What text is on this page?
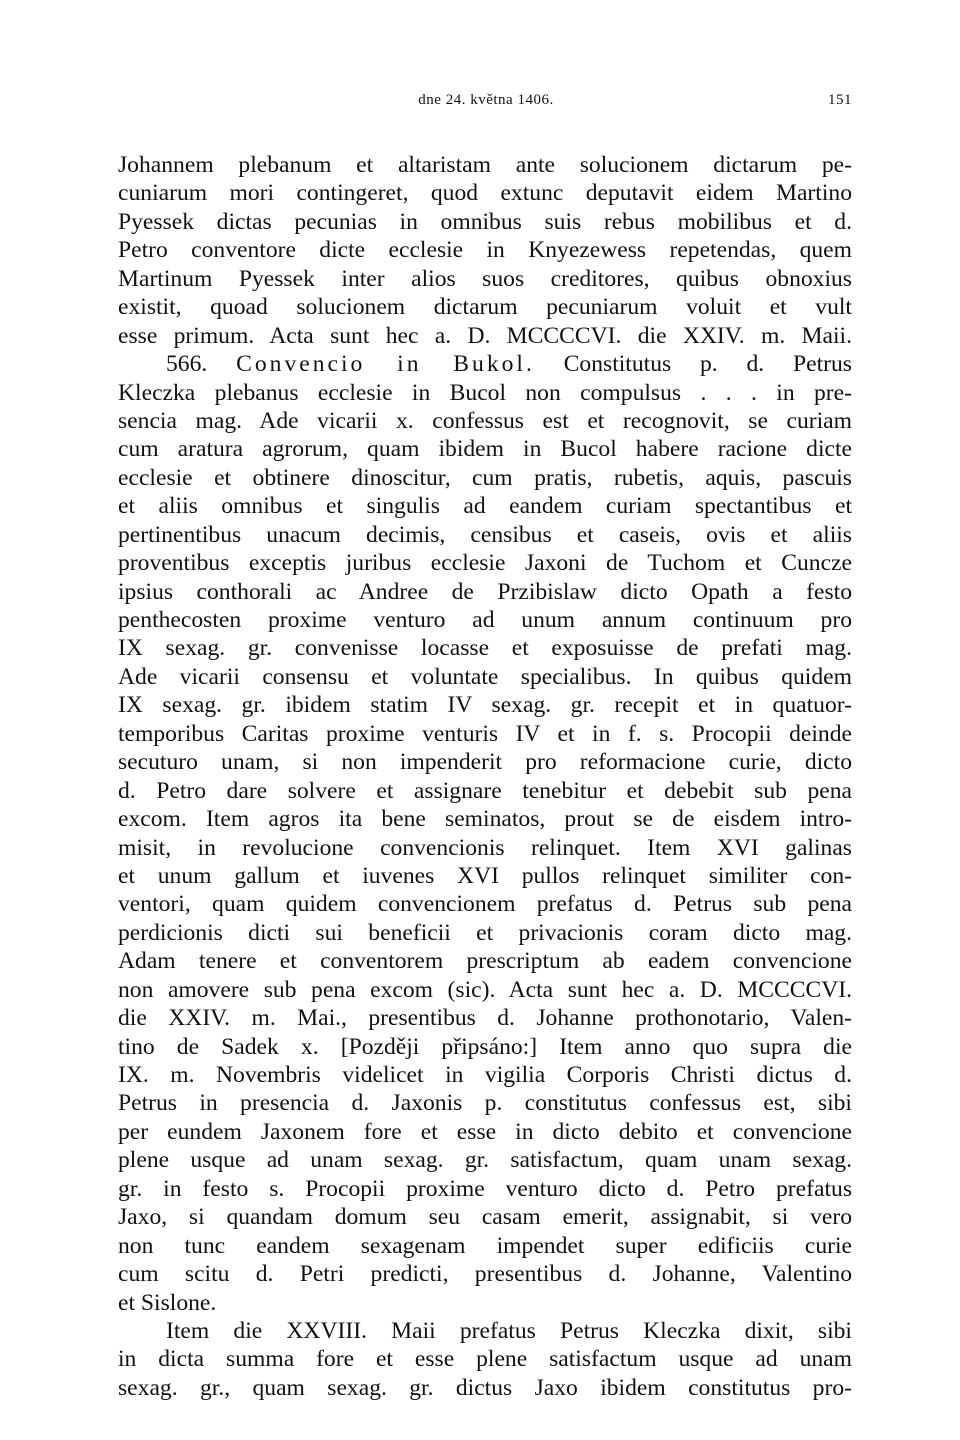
dne 24. května 1406.	151
Johannem plebanum et altaristam ante solucionem dictarum pe-
cuniarum mori contingeret, quod extunc deputavit eidem Martino
Pyessek dictas pecunias in omnibus suis rebus mobilibus et d.
Petro conventore dicte ecclesie in Knyezewess repetendas, quem
Martinum Pyessek inter alios suos creditores, quibus obnoxius
existit, quoad solucionem dictarum pecuniarum voluit et vult
esse primum. Acta sunt hec a. D. MCCCCVI. die XXIV. m. Maii.
566. Convencio in Bukol. Constitutus p. d. Petrus
Kleczka plebanus ecclesie in Bucol non compulsus . . . in pre-
sencia mag. Ade vicarii x. confessus est et recognovit, se curiam
cum aratura agrorum, quam ibidem in Bucol habere racione dicte
ecclesie et obtinere dinoscitur, cum pratis, rubetis, aquis, pascuis
et aliis omnibus et singulis ad eandem curiam spectantibus et
pertinentibus unacum decimis, censibus et caseis, ovis et aliis
proventibus exceptis juribus ecclesie Jaxoni de Tuchom et Cuncze
ipsius conthorali ac Andree de Przibislaw dicto Opath a festo
penthecosten proxime venturo ad unum annum continuum pro
IX sexag. gr. convenisse locasse et exposuisse de prefati mag.
Ade vicarii consensu et voluntate specialibus. In quibus quidem
IX sexag. gr. ibidem statim IV sexag. gr. recepit et in quatuor-
temporibus Caritas proxime venturis IV et in f. s. Procopii deinde
secuturo unam, si non impenderit pro reformacione curie, dicto
d. Petro dare solvere et assignare tenebitur et debebit sub pena
excom. Item agros ita bene seminatos, prout se de eisdem intro-
misit, in revolucione convencionis relinquet. Item XVI galinas
et unum gallum et iuvenes XVI pullos relinquet similiter con-
ventori, quam quidem convencionem prefatus d. Petrus sub pena
perdicionis dicti sui beneficii et privacionis coram dicto mag.
Adam tenere et conventorem prescriptum ab eadem convencione
non amovere sub pena excom (sic). Acta sunt hec a. D. MCCCCVI.
die XXIV. m. Mai., presentibus d. Johanne prothonotario, Valen-
tino de Sadek x. [Později připsáno:] Item anno quo supra die
IX. m. Novembris videlicet in vigilia Corporis Christi dictus d.
Petrus in presencia d. Jaxonis p. constitutus confessus est, sibi
per eundem Jaxonem fore et esse in dicto debito et convencione
plene usque ad unam sexag. gr. satisfactum, quam unam sexag.
gr. in festo s. Procopii proxime venturo dicto d. Petro prefatus
Jaxo, si quandam domum seu casam emerit, assignabit, si vero
non tunc eandem sexagenam impendet super edificiis curie
cum scitu d. Petri predicti, presentibus d. Johanne, Valentino
et Sislone.
Item die XXVIII. Maii prefatus Petrus Kleczka dixit, sibi
in dicta summa fore et esse plene satisfactum usque ad unam
sexag. gr., quam sexag. gr. dictus Jaxo ibidem constitutus pro-
